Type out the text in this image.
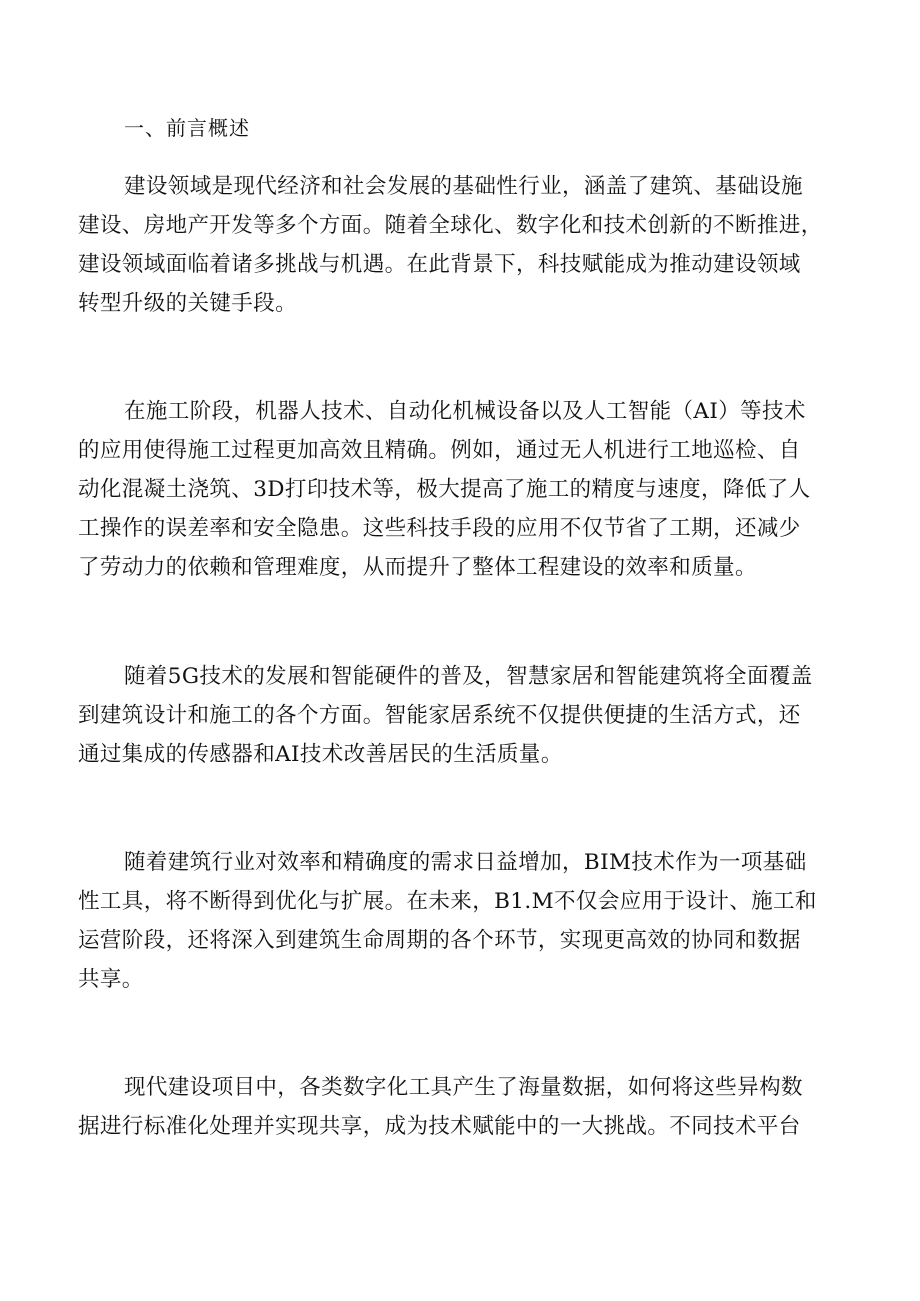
一、前言概述
建设领域是现代经济和社会发展的基础性行业，涵盖了建筑、基础设施
建设、房地产开发等多个方面。随着全球化、数字化和技术创新的不断推进，
建设领域面临着诸多挑战与机遇。在此背景下，科技赋能成为推动建设领域
转型升级的关键手段。
在施工阶段，机器人技术、自动化机械设备以及人工智能（AI）等技术
的应用使得施工过程更加高效且精确。例如，通过无人机进行工地巡检、自
动化混凝土浇筑、3D打印技术等，极大提高了施工的精度与速度，降低了人
工操作的误差率和安全隐患。这些科技手段的应用不仅节省了工期，还减少
了劳动力的依赖和管理难度，从而提升了整体工程建设的效率和质量。
随着5G技术的发展和智能硬件的普及，智慧家居和智能建筑将全面覆盖
到建筑设计和施工的各个方面。智能家居系统不仅提供便捷的生活方式，还
通过集成的传感器和AI技术改善居民的生活质量。
随着建筑行业对效率和精确度的需求日益增加，BIM技术作为一项基础
性工具，将不断得到优化与扩展。在未来，B1.M不仅会应用于设计、施工和
运营阶段，还将深入到建筑生命周期的各个环节，实现更高效的协同和数据
共享。
现代建设项目中，各类数字化工具产生了海量数据，如何将这些异构数
据进行标准化处理并实现共享，成为技术赋能中的一大挑战。不同技术平台
